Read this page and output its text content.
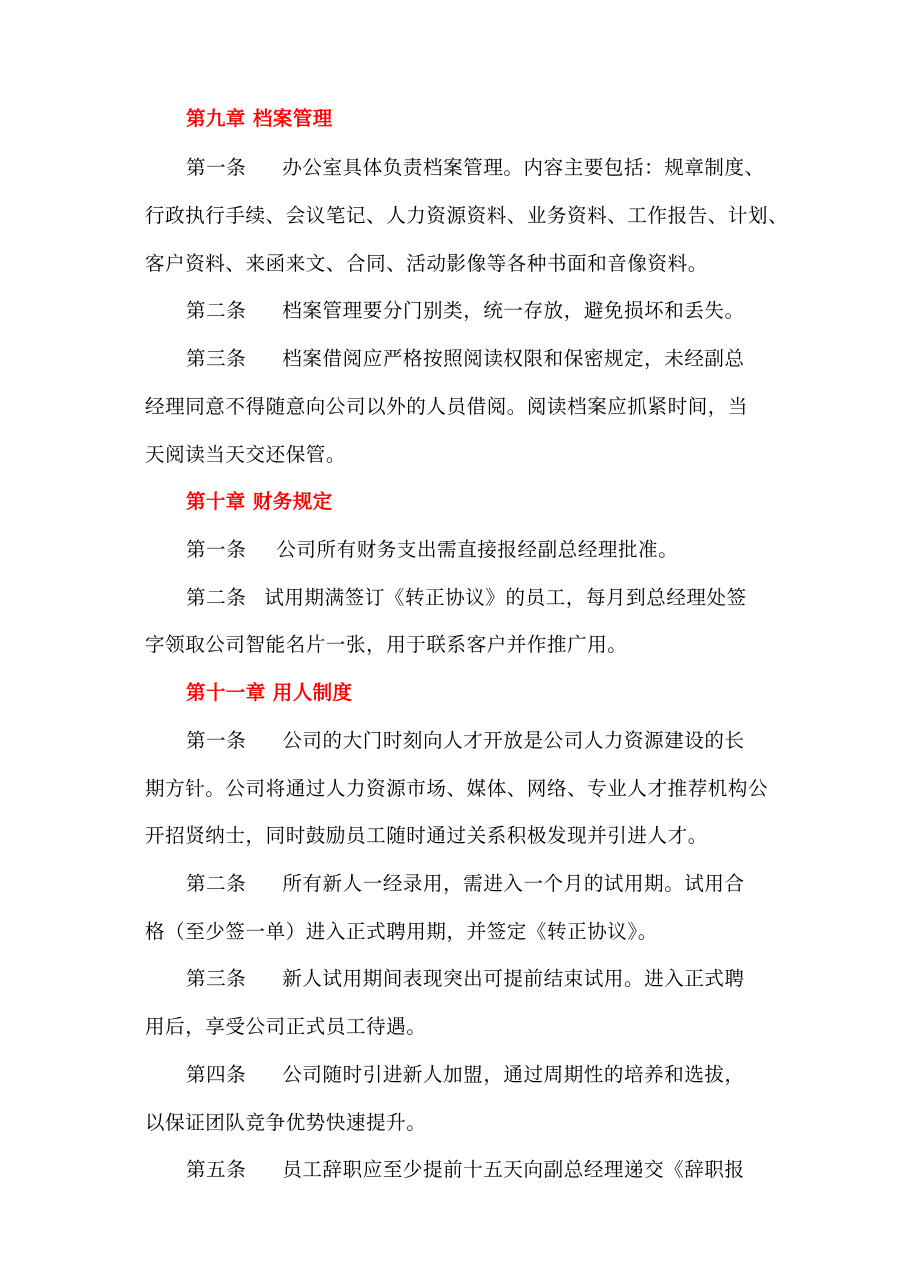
第九章 档案管理
第一条 办公室具体负责档案管理。内容主要包括：规章制度、
行政执行手续、会议笔记、人力资源资料、业务资料、工作报告、计划、
客户资料、来函来文、合同、活动影像等各种书面和音像资料。
第二条 档案管理要分门别类，统一存放，避免损坏和丢失。
第三条 档案借阅应严格按照阅读权限和保密规定，未经副总
经理同意不得随意向公司以外的人员借阅。阅读档案应抓紧时间，当
天阅读当天交还保管。
第十章 财务规定
第一条 公司所有财务支出需直接报经副总经理批准。
第二条 试用期满签订《转正协议》的员工，每月到总经理处签
字领取公司智能名片一张，用于联系客户并作推广用。
第十一章 用人制度
第一条 公司的大门时刻向人才开放是公司人力资源建设的长
期方针。公司将通过人力资源市场、媒体、网络、专业人才推荐机构公
开招贤纳士，同时鼓励员工随时通过关系积极发现并引进人才。
第二条 所有新人一经录用，需进入一个月的试用期。试用合
格（至少签一单）进入正式聘用期，并签定《转正协议》。
第三条 新人试用期间表现突出可提前结束试用。进入正式聘
用后，享受公司正式员工待遇。
第四条 公司随时引进新人加盟，通过周期性的培养和选拔，
以保证团队竞争优势快速提升。
第五条 员工辞职应至少提前十五天向副总经理递交《辞职报
